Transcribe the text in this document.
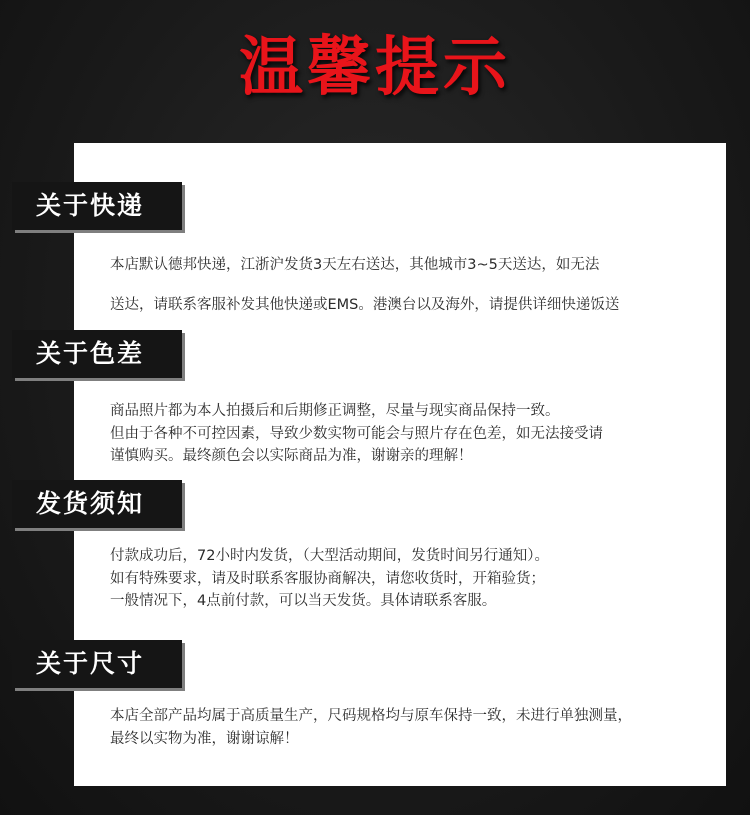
温馨提示
关于快递
本店默认德邦快递，江浙沪发货3天左右送达，其他城市3~5天送达，如无法
送达，请联系客服补发其他快递或EMS。港澳台以及海外，请提供详细快递饭送
关于色差
商品照片都为本人拍摄后和后期修正调整，尽量与现实商品保持一致。
但由于各种不可控因素，导致少数实物可能会与照片存在色差，如无法接受请
谨慎购买。最终颜色会以实际商品为准，谢谢亲的理解！
发货须知
付款成功后，72小时内发货，（大型活动期间，发货时间另行通知）。
如有特殊要求，请及时联系客服协商解决，请您收货时，开箱验货；
一般情况下，4点前付款，可以当天发货。具体请联系客服。
关于尺寸
本店全部产品均属于高质量生产，尺码规格均与原车保持一致，未进行单独测量，
最终以实物为准，谢谢谅解！
